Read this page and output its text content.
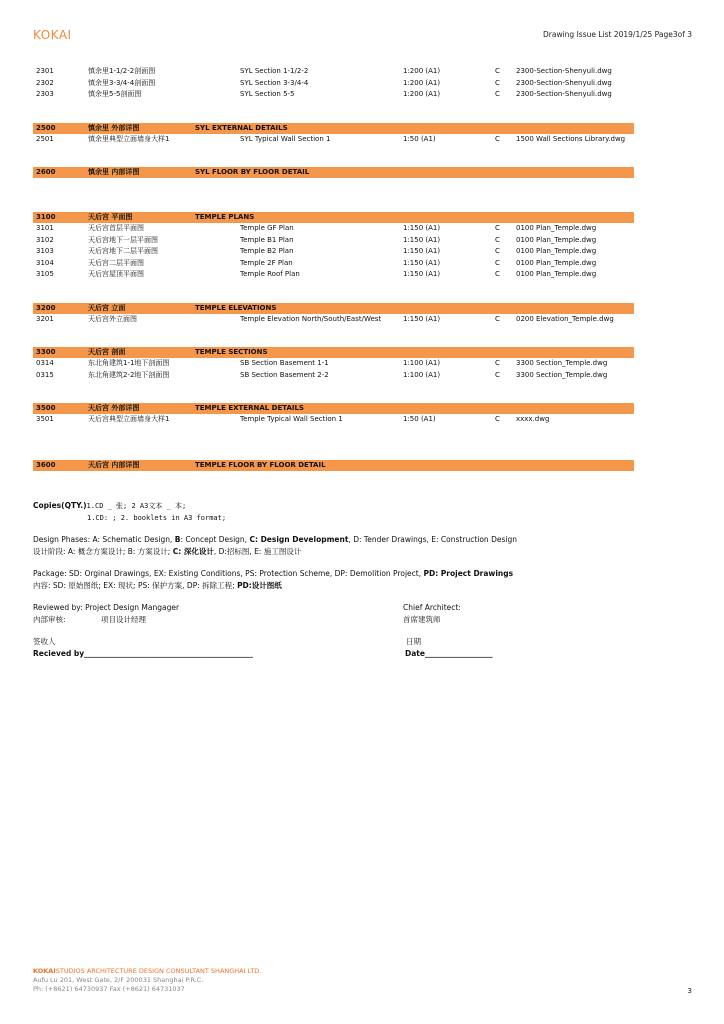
KOKAI	Drawing Issue List 2019/1/25 Page3of 3
2301	慎余里1-1/2-2剖面图	SYL Section 1-1/2-2	1:200 (A1)	C 2300-Section-Shenyuli.dwg
2302	慎余里3-3/4-4剖面图	SYL Section 3-3/4-4	1:200 (A1)	C 2300-Section-Shenyuli.dwg
2303	慎余里5-5剖面图	SYL Section 5-5	1:200 (A1)	C 2300-Section-Shenyuli.dwg
2500	慎余里 外部详图	SYL EXTERNAL DETAILS
2501	慎余里典型立面墙身大样1	SYL Typical Wall Section 1	1:50 (A1)	C 1500 Wall Sections Library.dwg
2600	慎余里 内部详图	SYL FLOOR BY FLOOR DETAIL
3100	天后宫 平面图	TEMPLE PLANS
3101	天后宫首层平面图	Temple GF Plan	1:150 (A1)	C 0100 Plan_Temple.dwg
3102	天后宫地下一层平面图	Temple B1 Plan	1:150 (A1)	C 0100 Plan_Temple.dwg
3103	天后宫地下二层平面图	Temple B2 Plan	1:150 (A1)	C 0100 Plan_Temple.dwg
3104	天后宫二层平面图	Temple 2F Plan	1:150 (A1)	C 0100 Plan_Temple.dwg
3105	天后宫屋顶平面图	Temple Roof Plan	1:150 (A1)	C 0100 Plan_Temple.dwg
3200	天后宫 立面	TEMPLE ELEVATIONS
3201	天后宫外立面图	Temple Elevation North/South/East/West	1:150 (A1)	C 0200 Elevation_Temple.dwg
3300	天后宫 剖面	TEMPLE SECTIONS
0314	东北角建筑1-1地下剖面图	SB Section Basement 1-1	1:100 (A1)	C 3300 Section_Temple.dwg
0315	东北角建筑2-2地下剖面图	SB Section Basement 2-2	1:100 (A1)	C 3300 Section_Temple.dwg
3500	天后宫 外部详图	TEMPLE EXTERNAL DETAILS
3501	天后宫典型立面墙身大样1	Temple Typical Wall Section 1	1:50 (A1)	C xxxx.dwg
3600	天后宫 内部详图	TEMPLE FLOOR BY FLOOR DETAIL
Copies(QTY.)1.CD _ 张; 2 A3文本 _ 本;
1.CD: ; 2. booklets in A3 format;
Design Phases: A: Schematic Design, B: Concept Design, C: Design Development, D: Tender Drawings, E: Construction Design
设计阶段: A: 概念方案设计; B: 方案设计; C: 深化设计, D:招标图, E: 施工图设计
Package: SD: Orginal Drawings, EX: Existing Conditions, PS: Protection Scheme, DP: Demolition Project, PD: Project Drawings
内容: SD: 原始图纸; EX: 现状; PS: 保护方案, DP: 拆除工程; PD:设计图纸
Reviewed by: Project Design Mangager	Chief Architect:
内部审核:	项目设计经理	首席建筑师
签收人	日期
Recieved by_____________________________________________	Date__________________
KOKAISTUDIOS ARCHITECTURE DESIGN CONSULTANT SHANGHAI LTD.
Aufu Lu 201, West Gate, 2/F 200031 Shanghai P.R.C.
Ph: (+8621) 64730937 Fax (+8621) 64731037	3
